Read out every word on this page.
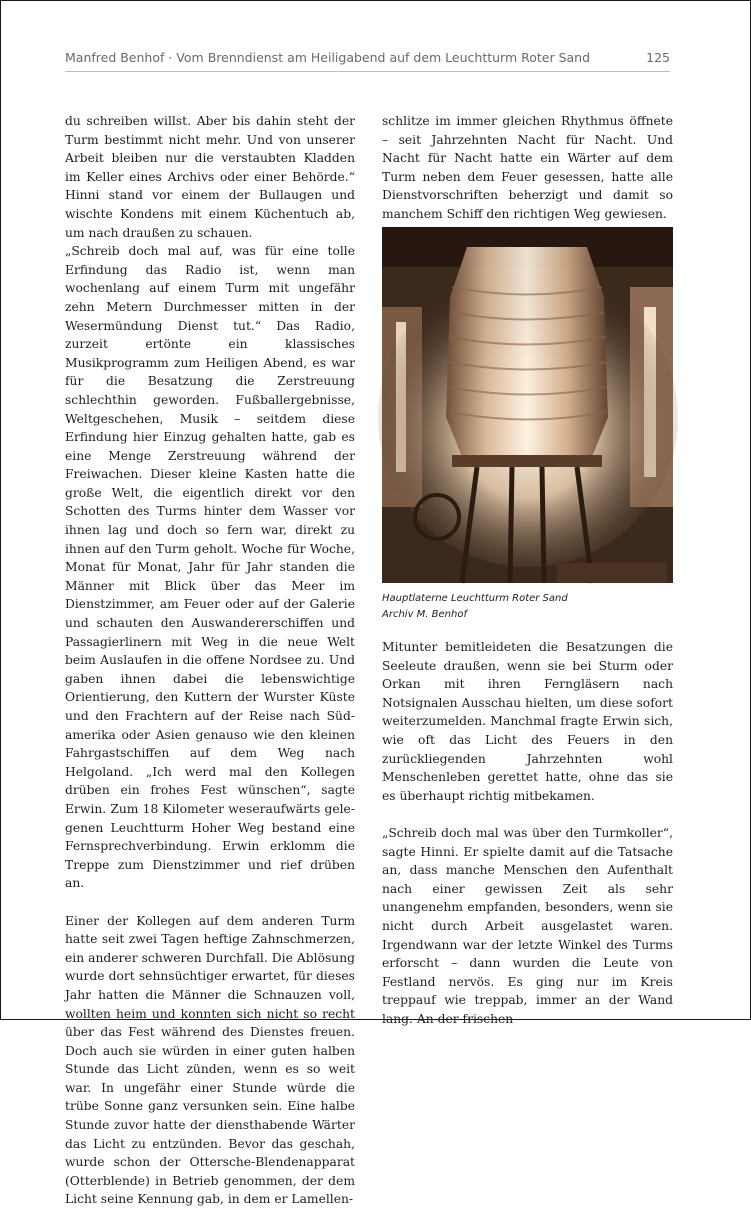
Manfred Benhof · Vom Brenndienst am Heiligabend auf dem Leuchtturm Roter Sand	125

du schreiben willst. Aber bis dahin steht der Turm bestimmt nicht mehr. Und von unserer Arbeit bleiben nur die verstaubten Kladden im Keller eines Archivs oder einer Behörde.“ Hinni stand vor einem der Bullaugen und wischte Kondens mit einem Küchentuch ab, um nach draußen zu schauen.

„Schreib doch mal auf, was für eine tolle Erfindung das Radio ist, wenn man wochenlang auf einem Turm mit ungefähr zehn Metern Durchmesser mitten in der Wesermündung Dienst tut.“ Das Radio, zurzeit ertönte ein klassisches Musikprogramm zum Heiligen Abend, es war für die Besatzung die Zerstreuung schlechthin geworden. Fußballergebnisse, Weltgeschehen, Musik – seitdem diese Erfindung hier Einzug gehalten hatte, gab es eine Menge Zerstreuung während der Freiwachen. Dieser kleine Kasten hatte die große Welt, die eigentlich direkt vor den Schotten des Turms hinter dem Wasser vor ihnen lag und doch so fern war, direkt zu ihnen auf den Turm geholt. Woche für Woche, Monat für Monat, Jahr für Jahr standen die Männer mit Blick über das Meer im Dienstzimmer, am Feuer oder auf der Galerie und schauten den Auswandererschiffen und Passagierlinern mit Weg in die neue Welt beim Auslaufen in die offene Nordsee zu. Und gaben ihnen dabei die lebenswichtige Orientierung, den Kuttern der Wurster Küste und den Frachtern auf der Reise nach Südamerika oder Asien genauso wie den kleinen Fahrgastschiffen auf dem Weg nach Helgoland. „Ich werd mal den Kollegen drüben ein frohes Fest wünschen“, sagte Erwin. Zum 18 Kilometer weseraufwärts gelegenen Leuchtturm Hoher Weg bestand eine Fernsprechverbindung. Erwin erklomm die Treppe zum Dienstzimmer und rief drüben an.

Einer der Kollegen auf dem anderen Turm hatte seit zwei Tagen heftige Zahnschmerzen, ein anderer schweren Durchfall. Die Ablösung wurde dort sehnsüchtiger erwartet, für dieses Jahr hatten die Männer die Schnauzen voll, wollten heim und konnten sich nicht so recht über das Fest während des Dienstes freuen. Doch auch sie würden in einer guten halben Stunde das Licht zünden, wenn es so weit war. In ungefähr einer Stunde würde die trübe Sonne ganz versunken sein. Eine halbe Stunde zuvor hatte der diensthabende Wärter das Licht zu entzünden. Bevor das geschah, wurde schon der Ottersche-Blendenapparat (Otterblende) in Betrieb genommen, der dem Licht seine Kennung gab, in dem er Lamellen-

schlitze im immer gleichen Rhythmus öffnete – seit Jahrzehnten Nacht für Nacht. Und Nacht für Nacht hatte ein Wärter auf dem Turm neben dem Feuer gesessen, hatte alle Dienstvorschriften beherzigt und damit so manchem Schiff den richtigen Weg gewiesen.

Hauptlaterne Leuchtturm Roter Sand
Archiv M. Benhof

Mitunter bemitleideten die Besatzungen die Seeleute draußen, wenn sie bei Sturm oder Orkan mit ihren Ferngläsern nach Notsignalen Ausschau hielten, um diese sofort weiterzumelden. Manchmal fragte Erwin sich, wie oft das Licht des Feuers in den zurückliegenden Jahrzehnten wohl Menschenleben gerettet hatte, ohne das sie es überhaupt richtig mitbekamen.

„Schreib doch mal was über den Turmkoller“, sagte Hinni. Er spielte damit auf die Tatsache an, dass manche Menschen den Aufenthalt nach einer gewissen Zeit als sehr unangenehm empfanden, besonders, wenn sie nicht durch Arbeit ausgelastet waren. Irgendwann war der letzte Winkel des Turms erforscht – dann wurden die Leute von Festland nervös. Es ging nur im Kreis treppauf wie treppab, immer an der Wand lang. An der frischen
